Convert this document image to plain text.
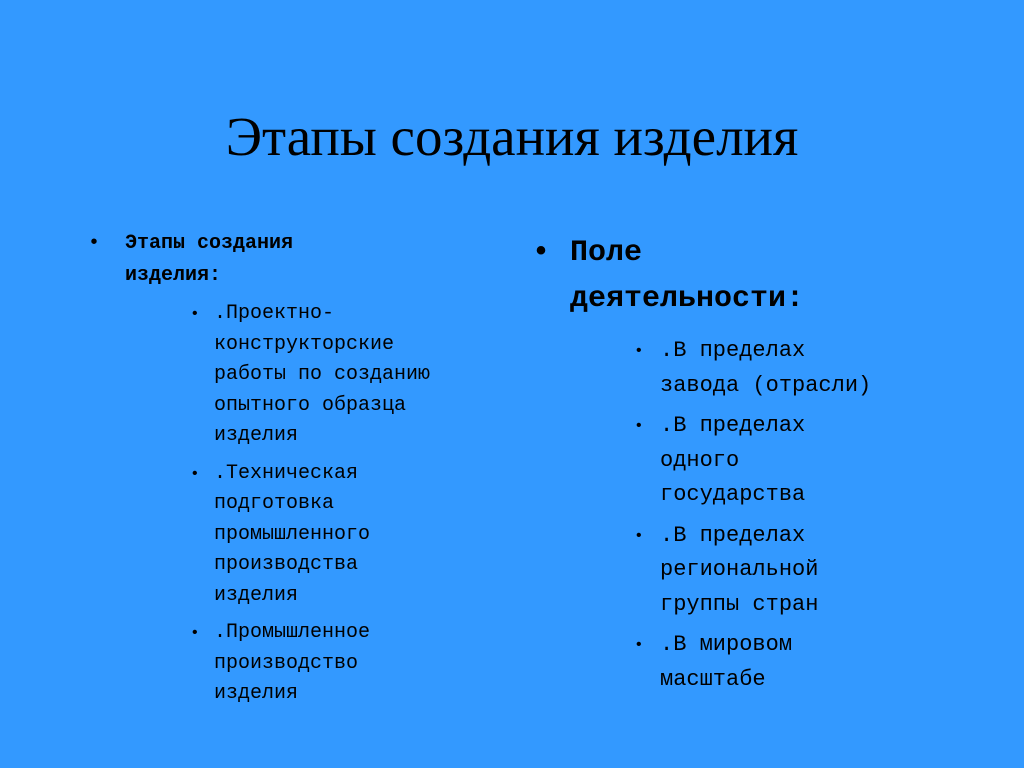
Этапы создания изделия
• Этапы создания
изделия:
• .Проектно-
конструкторские
работы по созданию
опытного образца
изделия
• .Техническая
подготовка
промышленного
производства
изделия
• .Промышленное
производство
изделия
• Поле
деятельности:
• .В пределах
завода (отрасли)
• .В пределах
одного
государства
• .В пределах
региональной
группы стран
• .В мировом
масштабе
